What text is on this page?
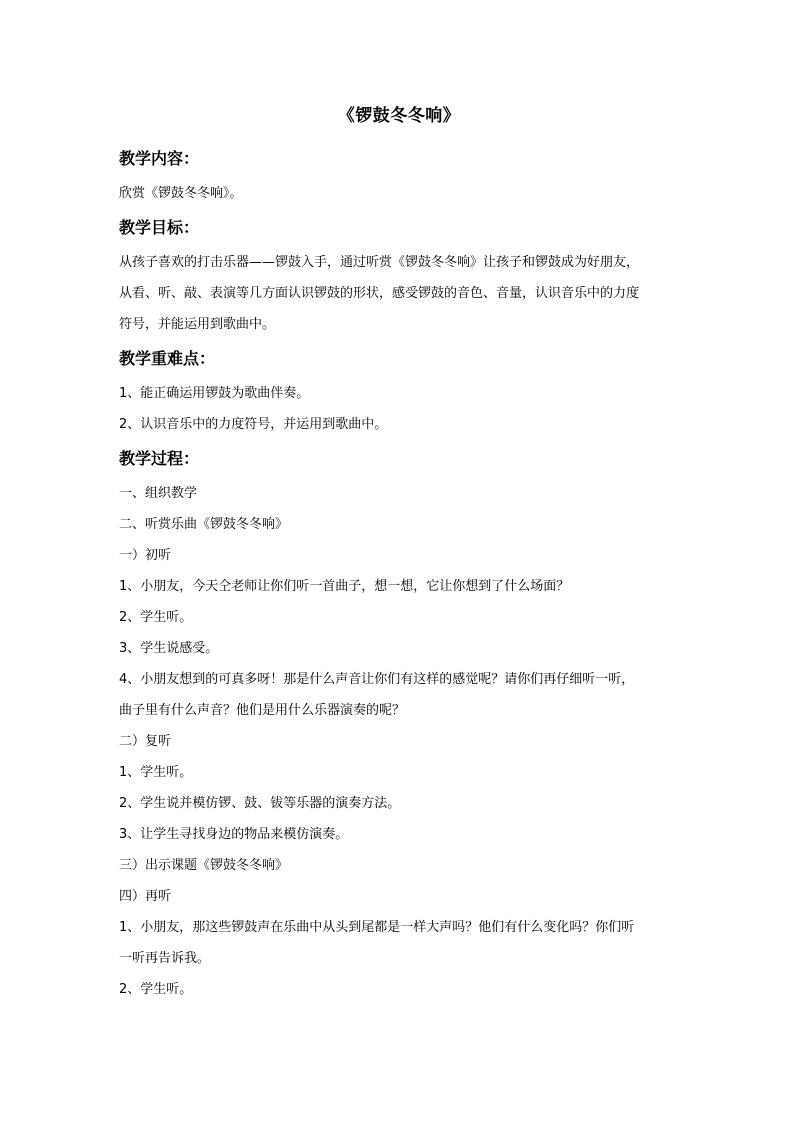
《锣鼓冬冬响》
教学内容：

欣赏《锣鼓冬冬响》。

教学目标：

从孩子喜欢的打击乐器——锣鼓入手，通过听赏《锣鼓冬冬响》让孩子和锣鼓成为好朋友，

从看、听、敲、表演等几方面认识锣鼓的形状，感受锣鼓的音色、音量，认识音乐中的力度

符号，并能运用到歌曲中。

教学重难点：

1、能正确运用锣鼓为歌曲伴奏。

2、认识音乐中的力度符号，并运用到歌曲中。

教学过程：

一、组织教学

二、听赏乐曲《锣鼓冬冬响》

一）初听

1、小朋友，今天仝老师让你们听一首曲子，想一想，它让你想到了什么场面？

2、学生听。

3、学生说感受。

4、小朋友想到的可真多呀！那是什么声音让你们有这样的感觉呢？请你们再仔细听一听，

曲子里有什么声音？他们是用什么乐器演奏的呢？

二）复听

1、学生听。

2、学生说并模仿锣、鼓、钹等乐器的演奏方法。

3、让学生寻找身边的物品来模仿演奏。

三）出示课题《锣鼓冬冬响》

四）再听

1、小朋友，那这些锣鼓声在乐曲中从头到尾都是一样大声吗？他们有什么变化吗？你们听

一听再告诉我。

2、学生听。
